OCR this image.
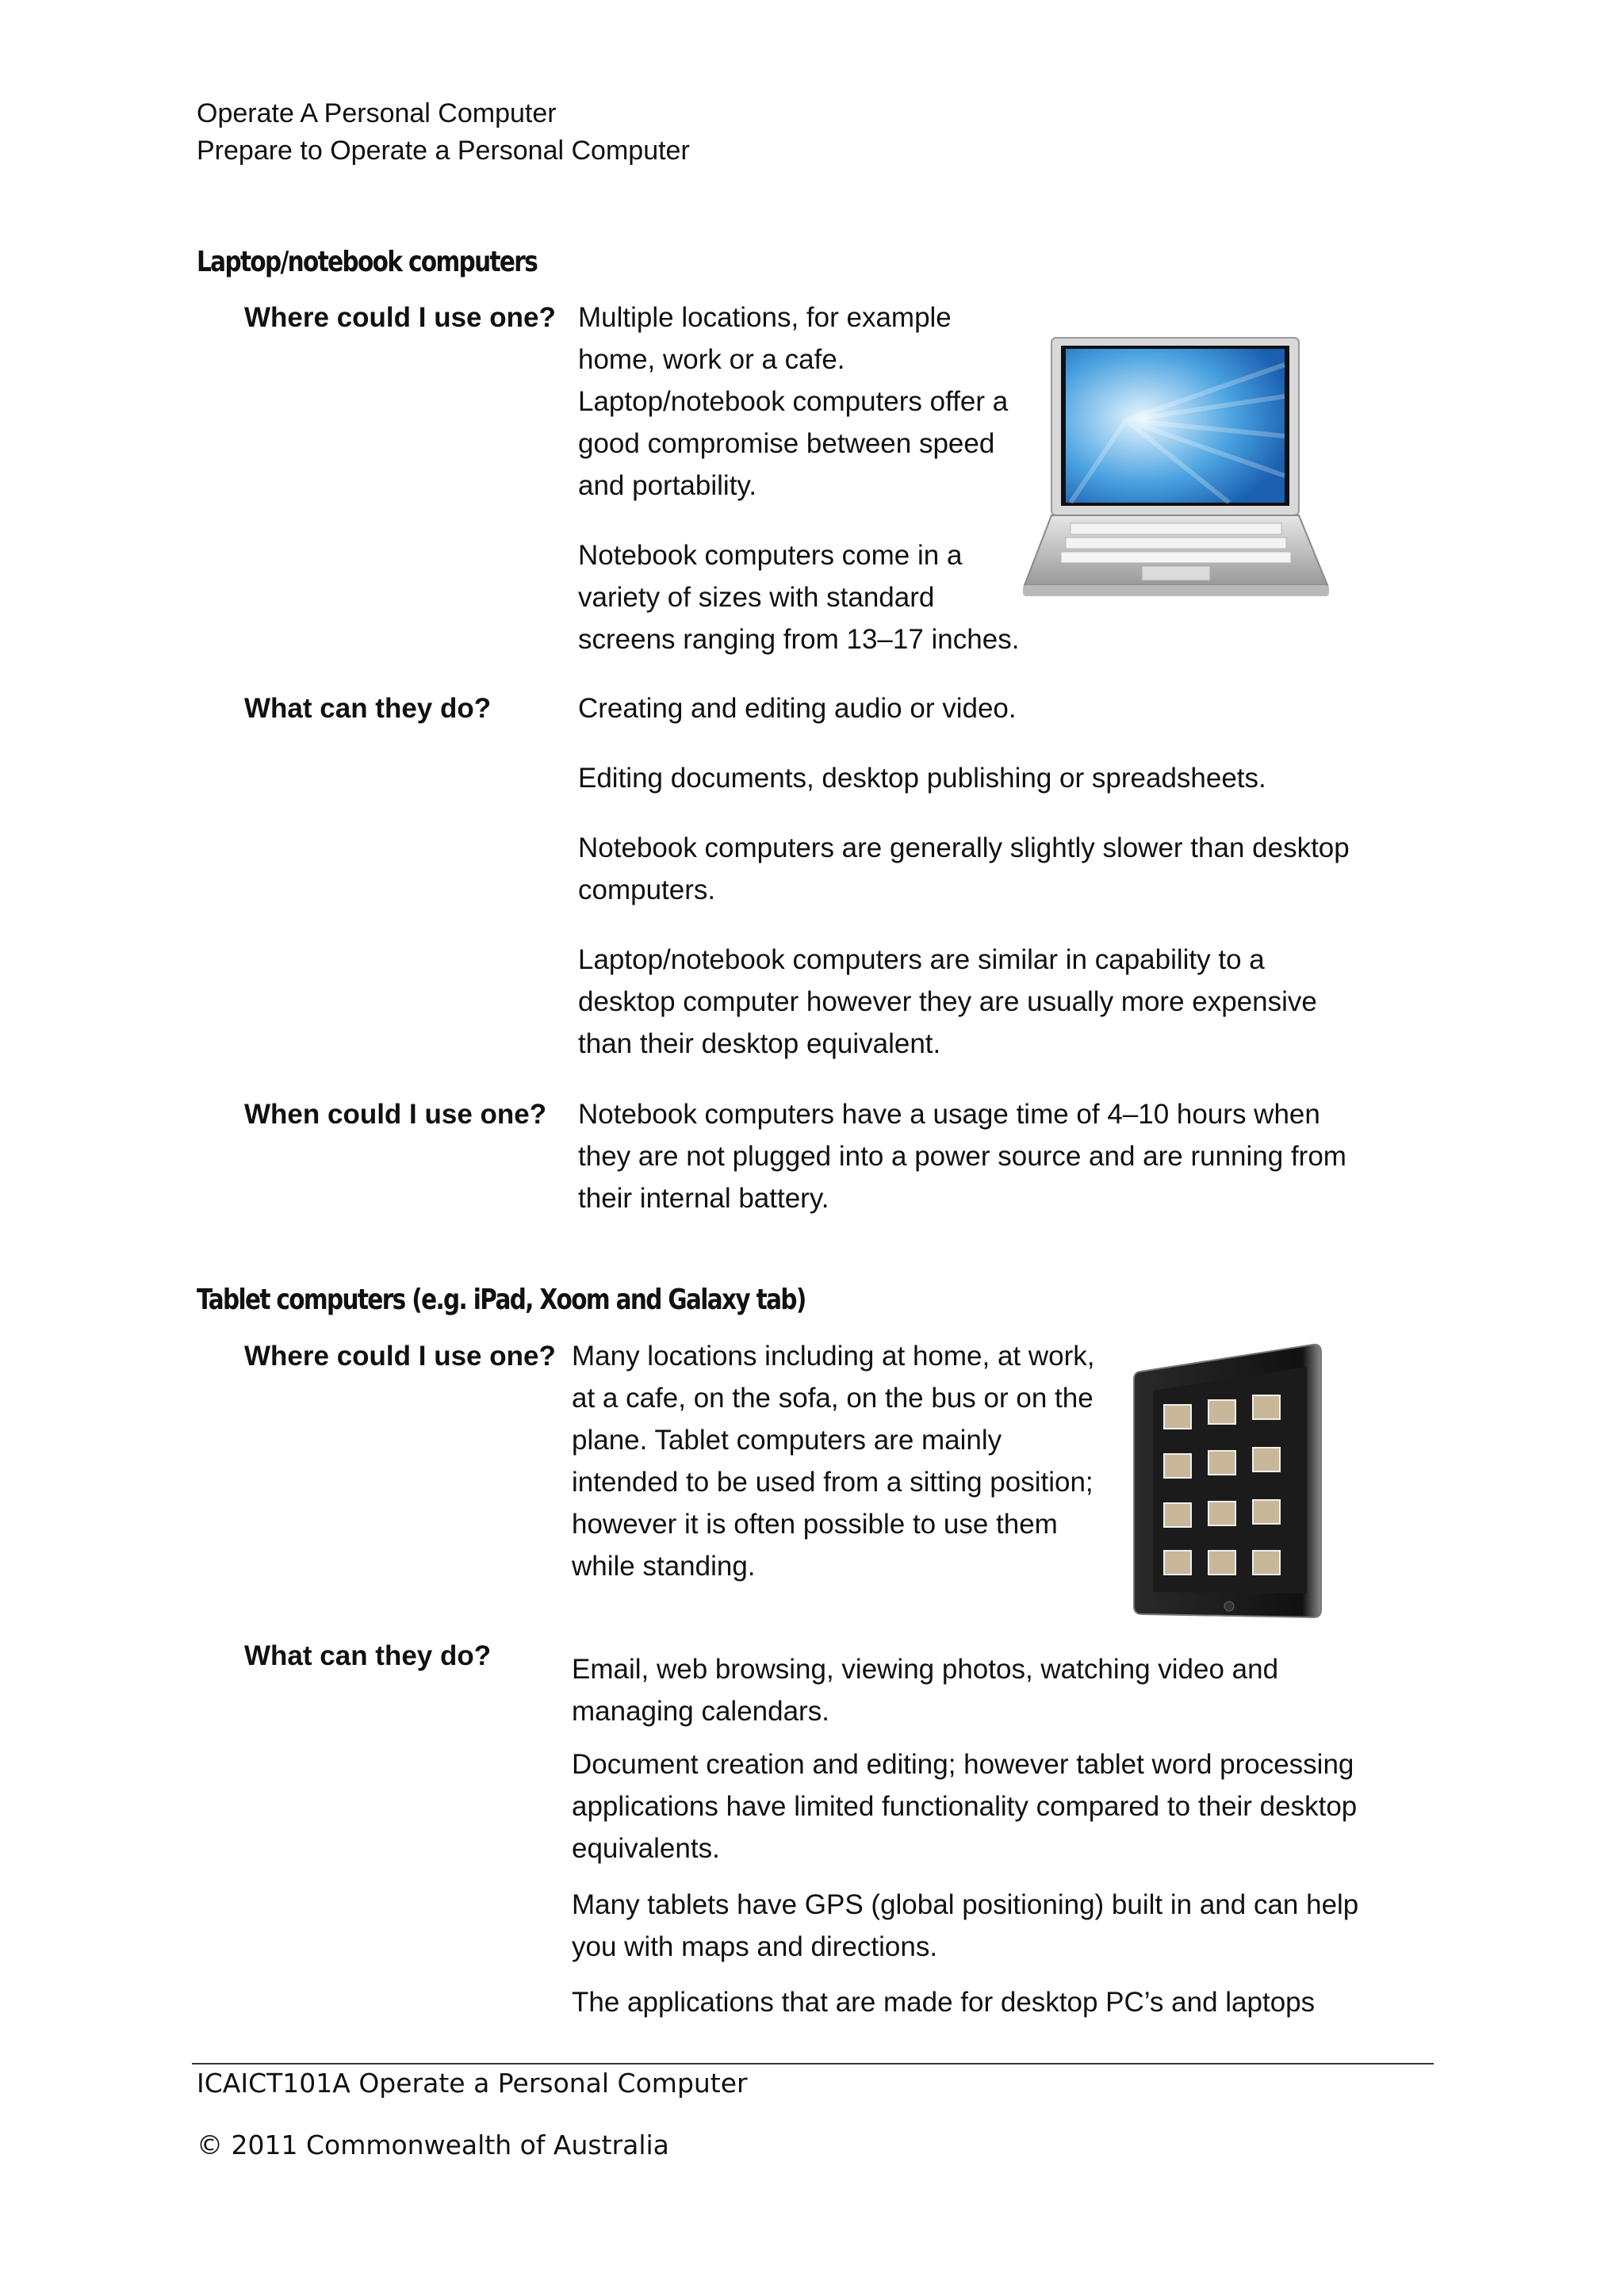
Operate A Personal Computer
Prepare to Operate a Personal Computer
Laptop/notebook computers
Where could I use one? Multiple locations, for example home, work or a cafe. Laptop/notebook computers offer a good compromise between speed and portability.

Notebook computers come in a variety of sizes with standard screens ranging from 13–17 inches.

What can they do?	Creating and editing audio or video.

Editing documents, desktop publishing or spreadsheets.

Notebook computers are generally slightly slower than desktop computers.

Laptop/notebook computers are similar in capability to a desktop computer however they are usually more expensive than their desktop equivalent.

When could I use one? Notebook computers have a usage time of 4–10 hours when they are not plugged into a power source and are running from their internal battery.

Tablet computers (e.g. iPad, Xoom and Galaxy tab)
Where could I use one? Many locations including at home, at work, at a cafe, on the sofa, on the bus or on the plane. Tablet computers are mainly intended to be used from a sitting position; however it is often possible to use them while standing.

What can they do?	Email, web browsing, viewing photos, watching video and managing calendars.

Document creation and editing; however tablet word processing applications have limited functionality compared to their desktop equivalents.

Many tablets have GPS (global positioning) built in and can help you with maps and directions.

The applications that are made for desktop PC’s and laptops

ICAICT101A Operate a Personal Computer
© 2011 Commonwealth of Australia
